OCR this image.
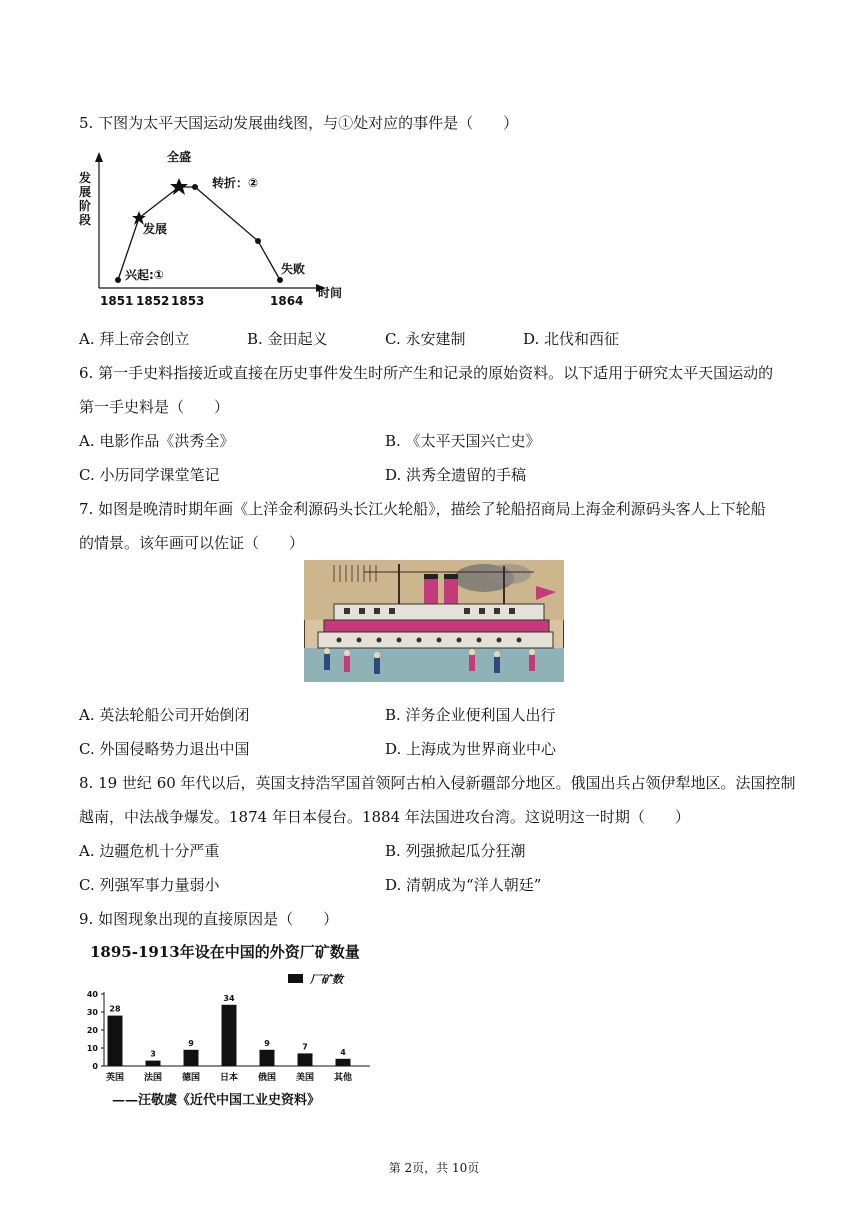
5. 下图为太平天国运动发展曲线图，与①处对应的事件是（　　）
发
展
阶
段
全盛
转折：②
发展
兴起:①	失败
1851 1852 1853	1864
时间
A. 拜上帝会创立	B. 金田起义	C. 永安建制	D. 北伐和西征
6. 第一手史料指接近或直接在历史事件发生时所产生和记录的原始资料。以下适用于研究太平天国运动的
第一手史料是（　　）
A. 电影作品《洪秀全》	B. 《太平天国兴亡史》
C. 小历同学课堂笔记	D. 洪秀全遗留的手稿
7. 如图是晚清时期年画《上洋金利源码头长江火轮船》，描绘了轮船招商局上海金利源码头客人上下轮船
的情景。该年画可以佐证（　　）
A. 英法轮船公司开始倒闭	B. 洋务企业便利国人出行
C. 外国侵略势力退出中国	D. 上海成为世界商业中心
8. 19 世纪 60 年代以后，英国支持浩罕国首领阿古柏入侵新疆部分地区。俄国出兵占领伊犁地区。法国控制
越南，中法战争爆发。1874 年日本侵台。1884 年法国进攻台湾。这说明这一时期（　　）
A. 边疆危机十分严重	B. 列强掀起瓜分狂潮
C. 列强军事力量弱小	D. 清朝成为“洋人朝廷”
9. 如图现象出现的直接原因是（　　）
1895-1913年设在中国的外资厂矿数量
0
10
20
30
40
28
英国
3
法国
9
德国
34
日本
9
俄国
7
美国
4
其他
厂矿数
——汪敬虞《近代中国工业史资料》
第 2页，共 10页
